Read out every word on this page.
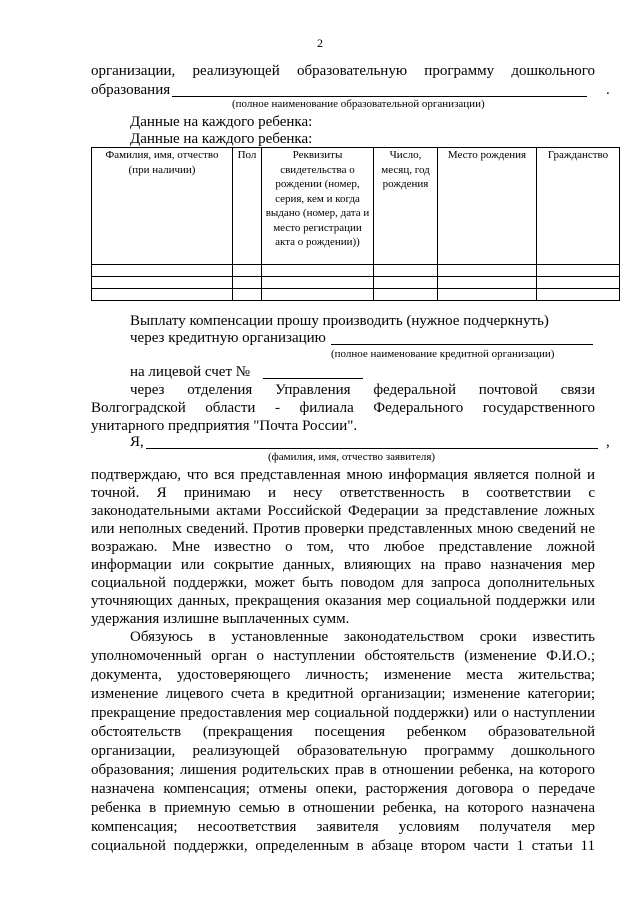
2
организации, реализующей образовательную программу дошкольного
образования	.
(полное наименование образовательной организации)
Данные на каждого ребенка:
Данные на каждого ребенка:
Фамилия, имя, отчество (при наличии)	Пол	Реквизиты свидетельства о рождении (номер, серия, кем и когда выдано (номер, дата и место регистрации акта о рождении))	Число, месяц, год рождения	Место рождения	Гражданство

Выплату компенсации прошу производить (нужное подчеркнуть)
через кредитную организацию
(полное наименование кредитной организации)
на лицевой счет №
через отделения Управления федеральной почтовой связи
Волгоградской области - филиала Федерального государственного
унитарного предприятия "Почта России".
Я,	,
(фамилия, имя, отчество заявителя)
подтверждаю, что вся представленная мною информация является полной и
точной. Я принимаю и несу ответственность в соответствии с
законодательными актами Российской Федерации за представление ложных
или неполных сведений. Против проверки представленных мною сведений не
возражаю. Мне известно о том, что любое представление ложной
информации или сокрытие данных, влияющих на право назначения мер
социальной поддержки, может быть поводом для запроса дополнительных
уточняющих данных, прекращения оказания мер социальной поддержки или
удержания излишне выплаченных сумм.
Обязуюсь в установленные законодательством сроки известить
уполномоченный орган о наступлении обстоятельств (изменение Ф.И.О.;
документа, удостоверяющего личность; изменение места жительства;
изменение лицевого счета в кредитной организации; изменение категории;
прекращение предоставления мер социальной поддержки) или о наступлении
обстоятельств (прекращения посещения ребенком образовательной
организации, реализующей образовательную программу дошкольного
образования; лишения родительских прав в отношении ребенка, на которого
назначена компенсация; отмены опеки, расторжения договора о передаче
ребенка в приемную семью в отношении ребенка, на которого назначена
компенсация; несоответствия заявителя условиям получателя мер
социальной поддержки, определенным в абзаце втором части 1 статьи 11
